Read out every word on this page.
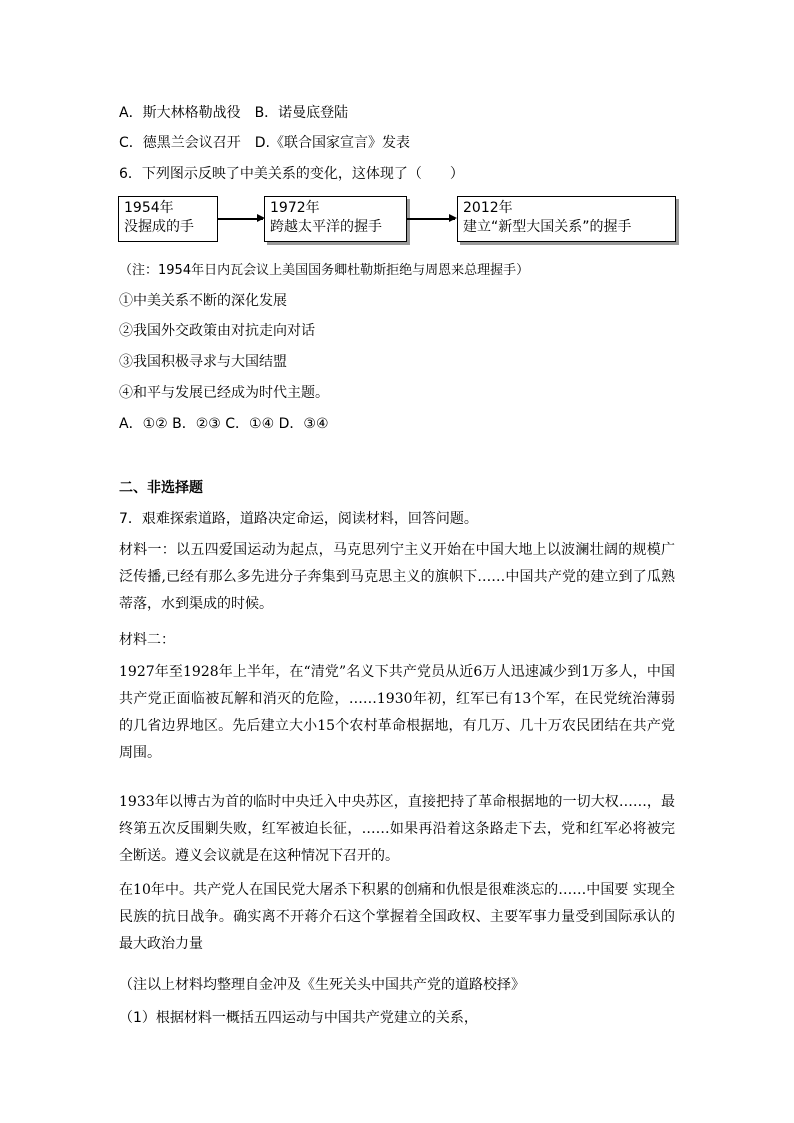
A．斯大林格勒战役　B．诺曼底登陆
C．德黑兰会议召开　D.《联合国家宣言》发表
6．下列图示反映了中美关系的变化，这体现了（　　）
1954年
没握成的手
1972年
跨越太平洋的握手
2012年
建立“新型大国关系”的握手
（注：1954年日内瓦会议上美国国务卿杜勒斯拒绝与周恩来总理握手）
①中美关系不断的深化发展
②我国外交政策由对抗走向对话
③我国积极寻求与大国结盟
④和平与发展已经成为时代主题。
A．①② B．②③ C．①④ D．③④
二、非选择题
7．艰难探索道路，道路决定命运，阅读材料，回答问题。
材料一：以五四爱国运动为起点，马克思列宁主义开始在中国大地上以波澜壮阔的规模广泛传播,已经有那么多先进分子奔集到马克思主义的旗帜下……中国共产党的建立到了瓜熟蒂落，水到渠成的时候。
材料二：
1927年至1928年上半年，在“清党”名义下共产党员从近6万人迅速减少到1万多人，中国共产党正面临被瓦解和消灭的危险，……1930年初，红军已有13个军，在民党统治薄弱的几省边界地区。先后建立大小15个农村革命根据地，有几万、几十万农民团结在共产党周围。
1933年以博古为首的临时中央迁入中央苏区，直接把持了革命根据地的一切大权……，最终第五次反围剿失败，红军被迫长征，……如果再沿着这条路走下去，党和红军必将被完全断送。遵义会议就是在这种情况下召开的。
在10年中。共产党人在国民党大屠杀下积累的创痛和仇恨是很难淡忘的……中国要 实现全民族的抗日战争。确实离不开蒋介石这个掌握着全国政权、主要军事力量受到国际承认的最大政治力量
（注以上材料均整理自金冲及《生死关头中国共产党的道路校择》
（1）根据材料一概括五四运动与中国共产党建立的关系，
